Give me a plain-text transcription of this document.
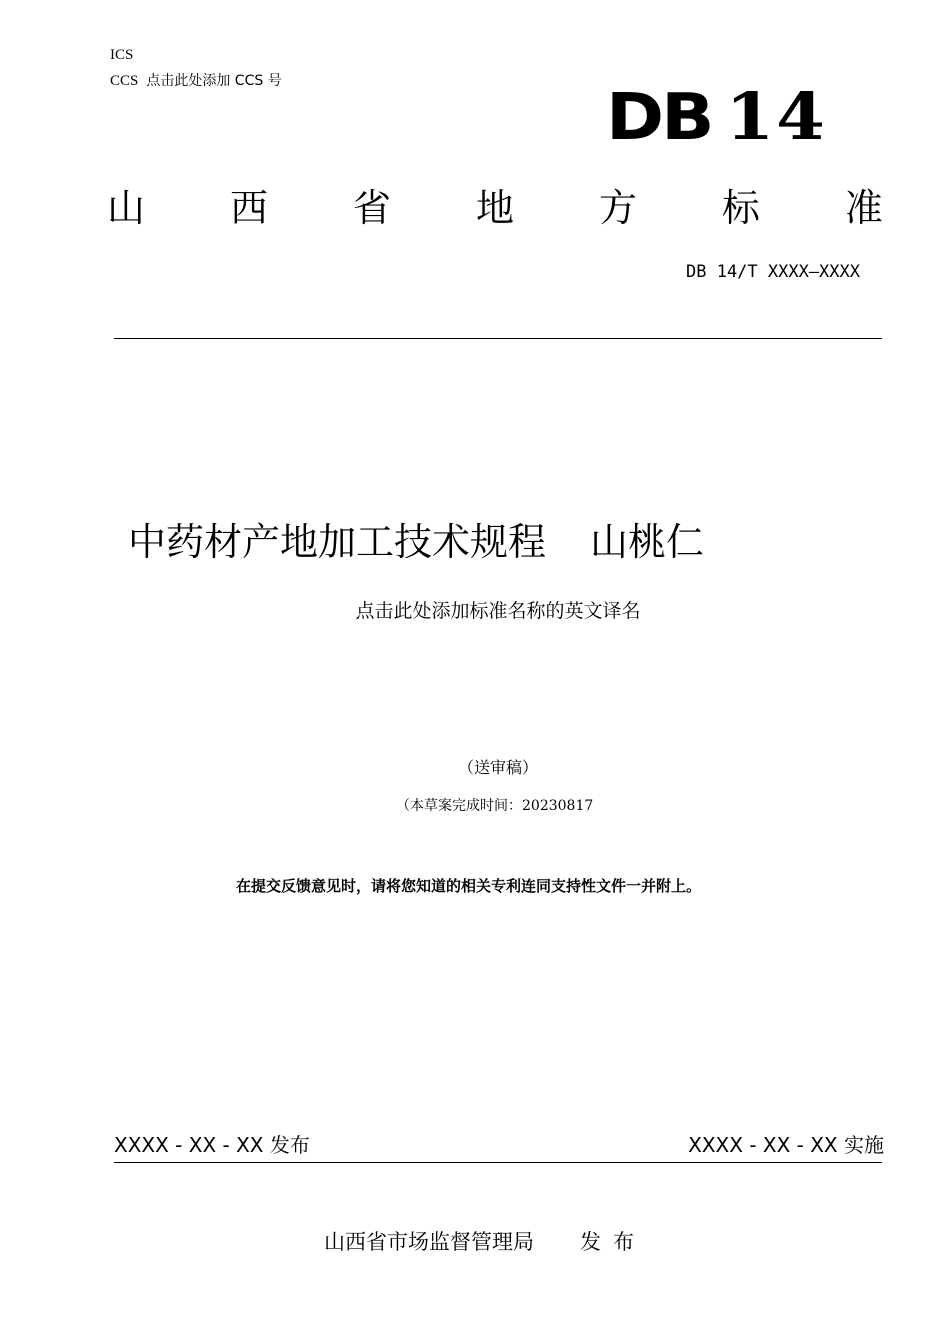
ICS
CCS 点击此处添加 CCS 号	DB 14
山 西 省 地 方 标 准
DB 14/T XXXX—XXXX
中药材产地加工技术规程 山桃仁
点击此处添加标准名称的英文译名
（送审稿）
（本草案完成时间：20230817
在提交反馈意见时，请将您知道的相关专利连同支持性文件一并附上。
XXXX - XX - XX 发布	XXXX - XX - XX 实施
山西省市场监督管理局 发布
